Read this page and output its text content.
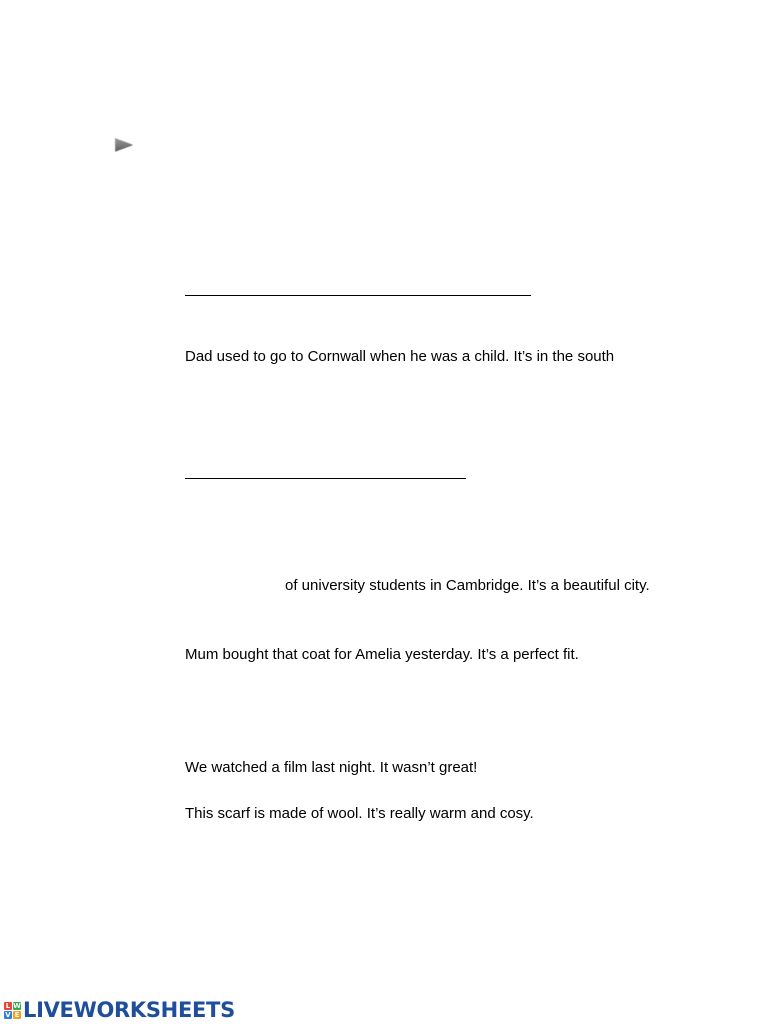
Dad used to go to Cornwall when he was a child. It’s in the south

of university students in Cambridge. It’s a beautiful city.

Mum bought that coat for Amelia yesterday. It’s a perfect fit.

We watched a film last night. It wasn’t great!

This scarf is made of wool. It’s really warm and cosy.

L W
V E LIVEWORKSHEETS
